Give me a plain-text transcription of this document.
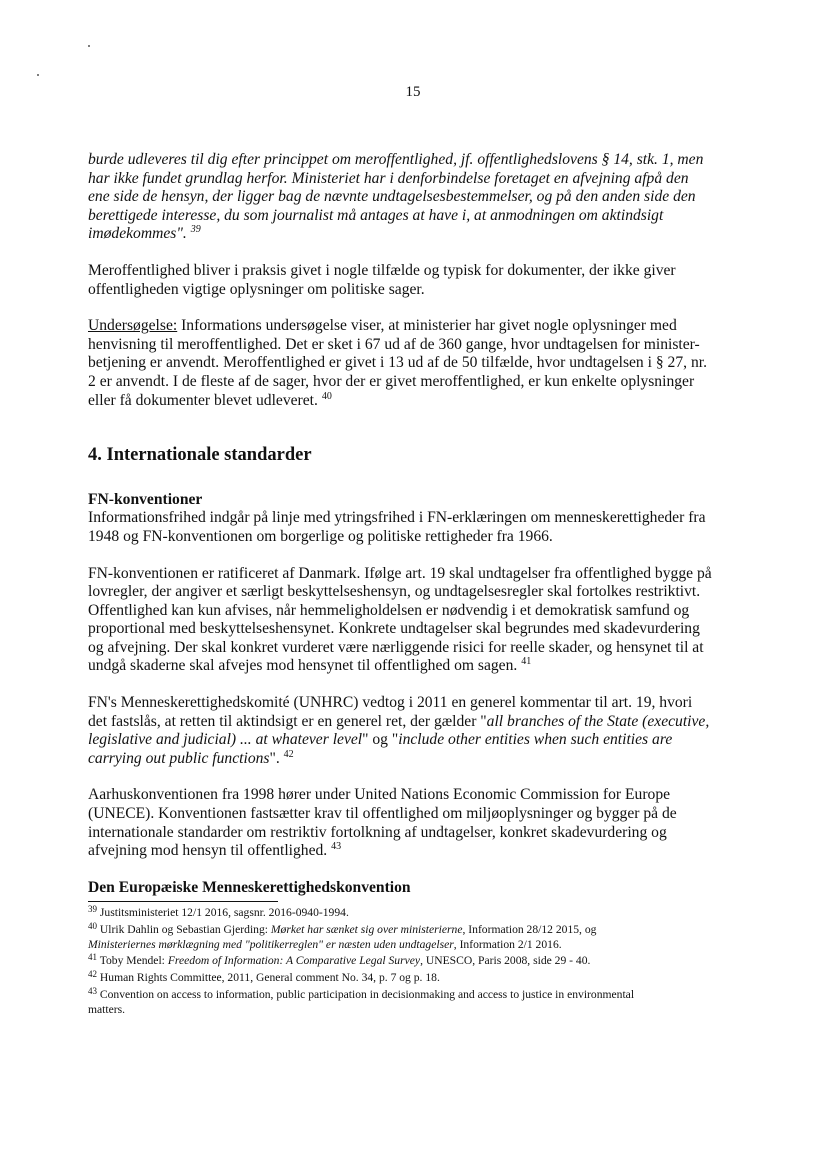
15
burde udleveres til dig efter princippet om meroffentlighed, jf. offentlighedslovens § 14, stk. 1, men
har ikke fundet grundlag herfor. Ministeriet har i denforbindelse foretaget en afvejning afpå den
ene side de hensyn, der ligger bag de nævnte undtagelsesbestemmelser, og på den anden side den
berettigede interesse, du som journalist må antages at have i, at anmodningen om aktindsigt
imødekommes". $^{39}$
Meroffentlighed bliver i praksis givet i nogle tilfælde og typisk for dokumenter, der ikke giver
offentligheden vigtige oplysninger om politiske sager.
Undersøgelse: Informations undersøgelse viser, at ministerier har givet nogle oplysninger med
henvisning til meroffentlighed. Det er sket i 67 ud af de 360 gange, hvor undtagelsen for minister-
betjening er anvendt. Meroffentlighed er givet i 13 ud af de 50 tilfælde, hvor undtagelsen i § 27, nr.
2 er anvendt. I de fleste af de sager, hvor der er givet meroffentlighed, er kun enkelte oplysninger
eller få dokumenter blevet udleveret. $^{40}$
4. Internationale standarder
FN-konventioner
Informationsfrihed indgår på linje med ytringsfrihed i FN-erklæringen om menneskerettigheder fra
1948 og FN-konventionen om borgerlige og politiske rettigheder fra 1966.
FN-konventionen er ratificeret af Danmark. Ifølge art. 19 skal undtagelser fra offentlighed bygge på
lovregler, der angiver et særligt beskyttelseshensyn, og undtagelsesregler skal fortolkes restriktivt.
Offentlighed kan kun afvises, når hemmeligholdelsen er nødvendig i et demokratisk samfund og
proportional med beskyttelseshensynet. Konkrete undtagelser skal begrundes med skadevurdering
og afvejning. Der skal konkret vurderet være nærliggende risici for reelle skader, og hensynet til at
undgå skaderne skal afvejes mod hensynet til offentlighed om sagen. $^{41}$
FN's Menneskerettighedskomité (UNHRC) vedtog i 2011 en generel kommentar til art. 19, hvori
det fastslås, at retten til aktindsigt er en generel ret, der gælder "all branches of the State (executive,
legislative and judicial) ... at whatever level" og "include other entities when such entities are
carrying out public functions". $^{42}$
Aarhuskonventionen fra 1998 hører under United Nations Economic Commission for Europe
(UNECE). Konventionen fastsætter krav til offentlighed om miljøoplysninger og bygger på de
internationale standarder om restriktiv fortolkning af undtagelser, konkret skadevurdering og
afvejning mod hensyn til offentlighed. $^{43}$
Den Europæiske Menneskerettighedskonvention
$^{39}$ Justitsministeriet 12/1 2016, sagsnr. 2016-0940-1994.
$^{40}$ Ulrik Dahlin og Sebastian Gjerding: Mørket har sænket sig over ministerierne, Information 28/12 2015, og
Ministeriernes mørklægning med "politikerreglen" er næsten uden undtagelser, Information 2/1 2016.
$^{41}$ Toby Mendel: Freedom of Information: A Comparative Legal Survey, UNESCO, Paris 2008, side 29 - 40.
$^{42}$ Human Rights Committee, 2011, General comment No. 34, p. 7 og p. 18.
$^{43}$ Convention on access to information, public participation in decisionmaking and access to justice in environmental
matters.
